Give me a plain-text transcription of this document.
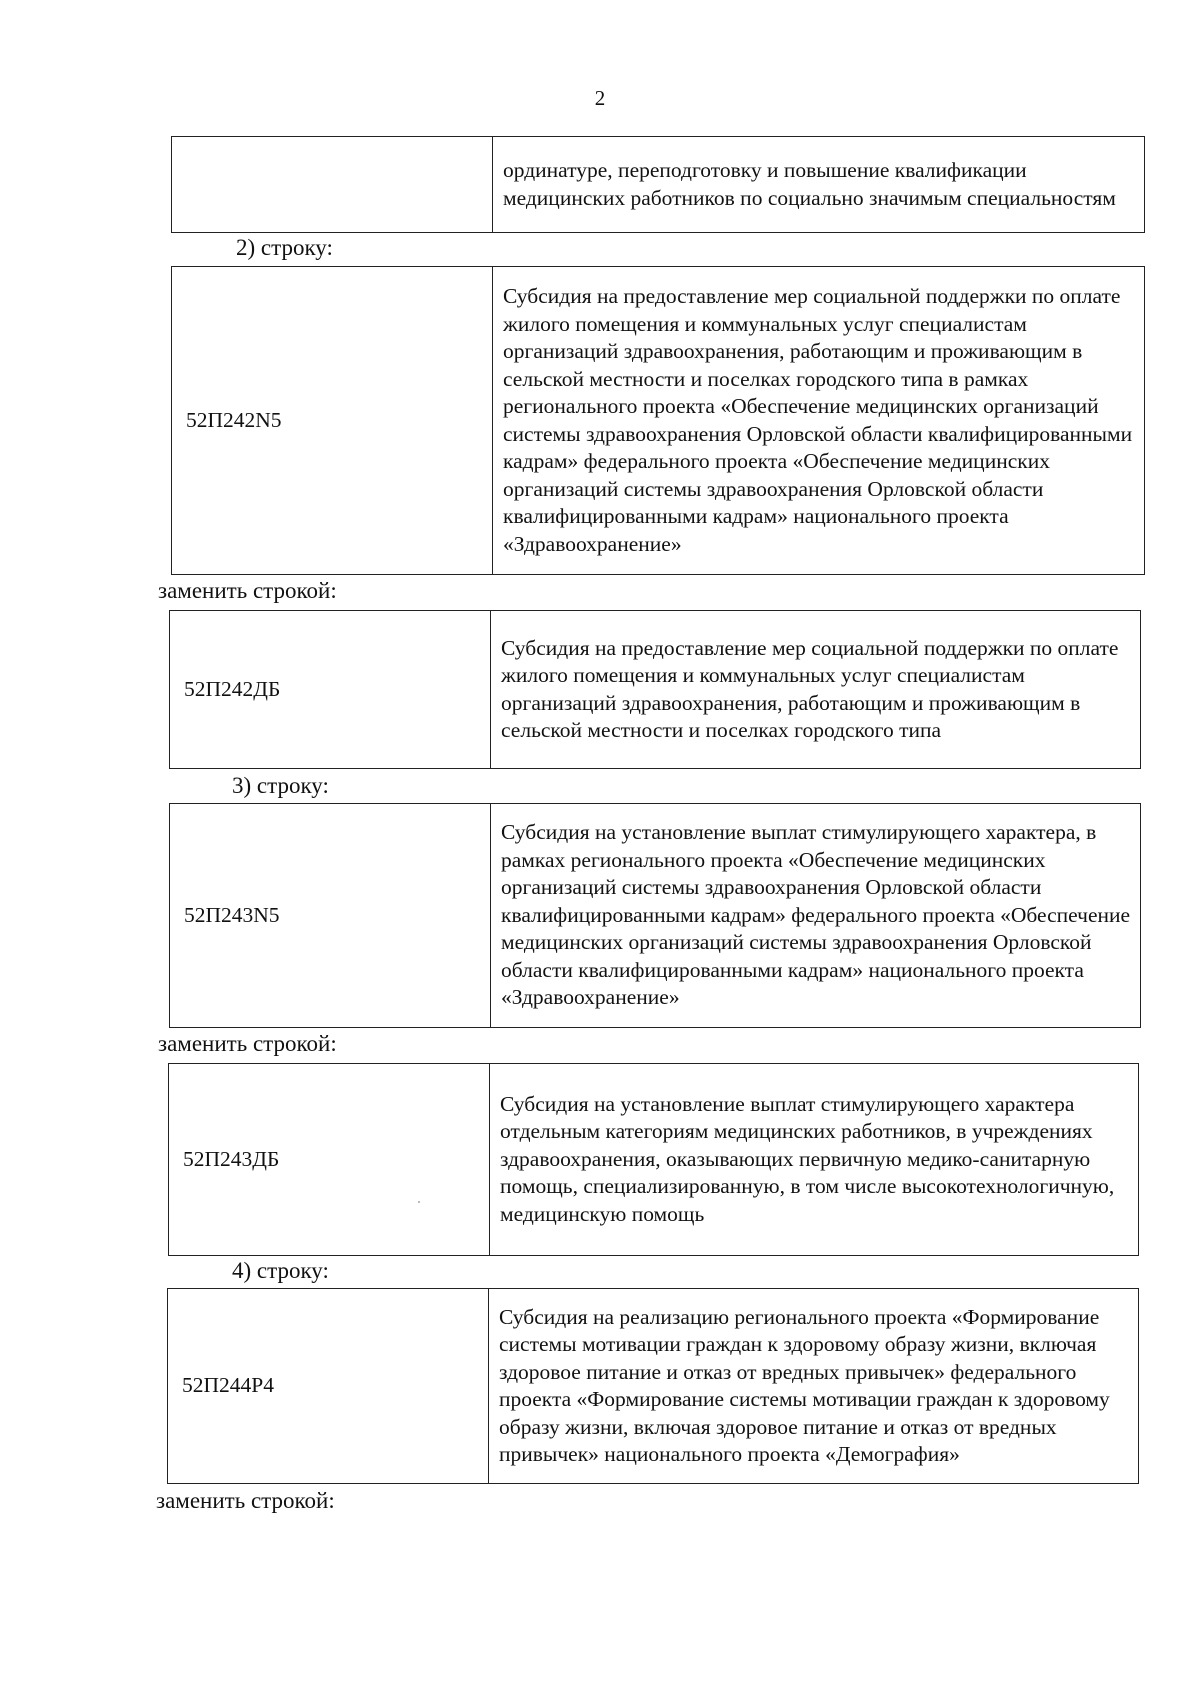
2
	ординатуре, переподготовку и повышение квалификации медицинских работников по социально значимым специальностям
2) строку:
52П242N5	Субсидия на предоставление мер социальной поддержки по оплате жилого помещения и коммунальных услуг специалистам организаций здравоохранения, работающим и проживающим в сельской местности и поселках городского типа в рамках регионального проекта «Обеспечение медицинских организаций системы здравоохранения Орловской области квалифицированными кадрам» федерального проекта «Обеспечение медицинских организаций системы здравоохранения Орловской области квалифицированными кадрам» национального проекта «Здравоохранение»
заменить строкой:
52П242ДБ	Субсидия на предоставление мер социальной поддержки по оплате жилого помещения и коммунальных услуг специалистам организаций здравоохранения, работающим и проживающим в сельской местности и поселках городского типа
3) строку:
52П243N5	Субсидия на установление выплат стимулирующего характера, в рамках регионального проекта «Обеспечение медицинских организаций системы здравоохранения Орловской области квалифицированными кадрам» федерального проекта «Обеспечение медицинских организаций системы здравоохранения Орловской области квалифицированными кадрам» национального проекта «Здравоохранение»
заменить строкой:
52П243ДБ	Субсидия на установление выплат стимулирующего характера отдельным категориям медицинских работников, в учреждениях здравоохранения, оказывающих первичную медико-санитарную помощь, специализированную, в том числе высокотехнологичную, медицинскую помощь
4) строку:
52П244Р4	Субсидия на реализацию регионального проекта «Формирование системы мотивации граждан к здоровому образу жизни, включая здоровое питание и отказ от вредных привычек» федерального проекта «Формирование системы мотивации граждан к здоровому образу жизни, включая здоровое питание и отказ от вредных привычек» национального проекта «Демография»
заменить строкой:
